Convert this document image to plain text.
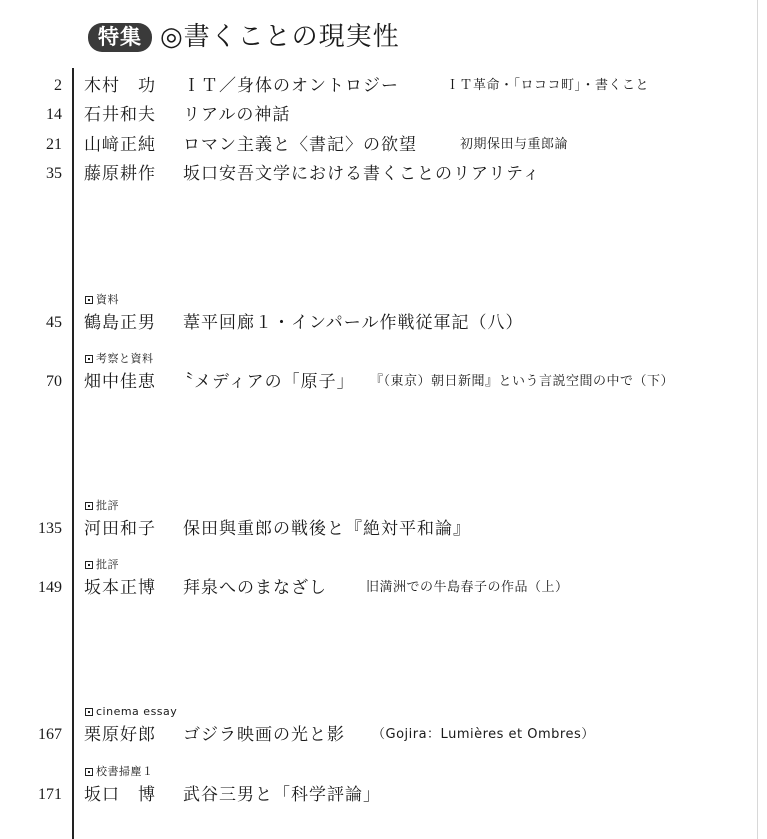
特集 ◎書くことの現実性
2 木村　功 ＩＴ／身体のオントロジー	ＩＴ革命・「ロココ町」・書くこと
14 石井和夫 リアルの神話
21 山﨑正純 ロマン主義と〈書記〉の欲望	初期保田与重郎論
35 藤原耕作 坂口安吾文学における書くことのリアリティ
資料
45 鶴島正男 葦平回廊１・インパール作戦従軍記（八）
考察と資料
70 畑中佳恵 〝メディアの「原子」 『（東京）朝日新聞』という言説空間の中で（下）
批評
135 河田和子 保田與重郎の戦後と『絶対平和論』
批評
149 坂本正博 拜泉へのまなざし	旧満洲での牛島春子の作品（上）
cinema essay
167 栗原好郎 ゴジラ映画の光と影 （Gojira：Lumières et Ombres）
校書掃塵１
171 坂口　博 武谷三男と「科学評論」
